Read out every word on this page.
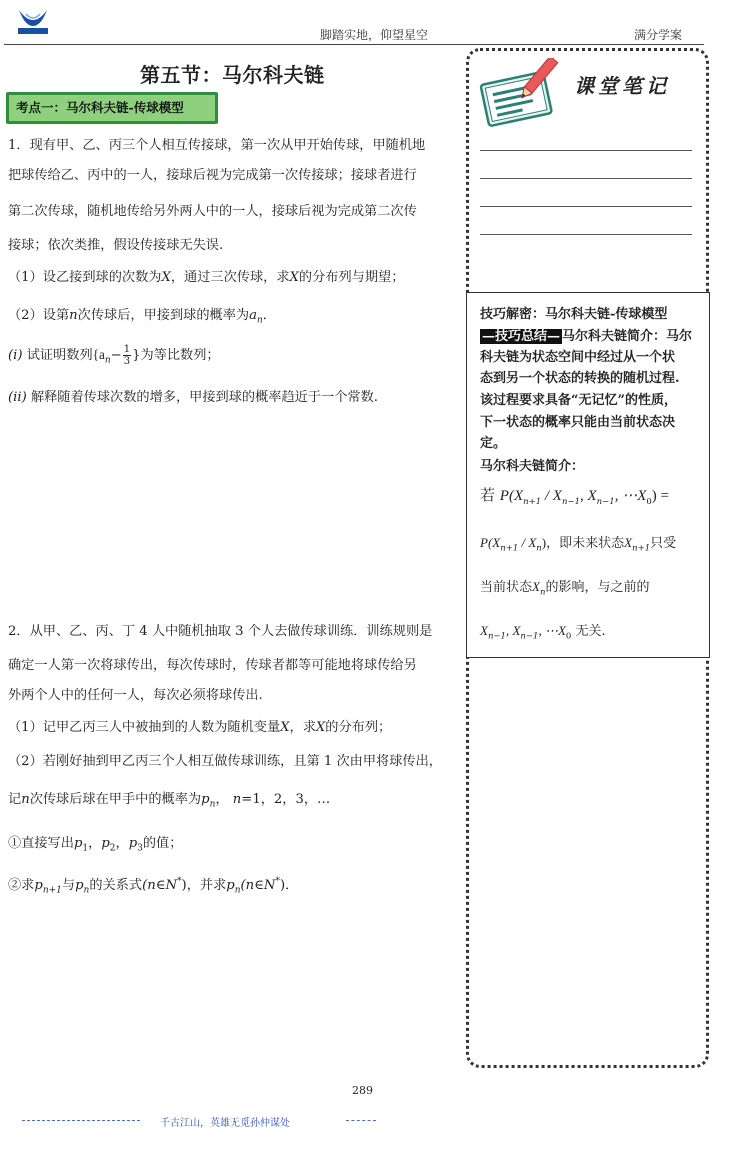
脚踏实地，仰望星空	满分学案
第五节：马尔科夫链
考点一：马尔科夫链-传球模型
1．现有甲、乙、丙三个人相互传接球，第一次从甲开始传球，甲随机地
把球传给乙、丙中的一人，接球后视为完成第一次传接球；接球者进行
第二次传球，随机地传给另外两人中的一人，接球后视为完成第二次传
接球；依次类推，假设传接球无失误.
（1）设乙接到球的次数为X，通过三次传球，求X的分布列与期望；
（2）设第n次传球后，甲接到球的概率为$a_n$．
(i) 试证明数列{$a_n- \frac{1}{3}$ }为等比数列；
(ii) 解释随着传球次数的增多，甲接到球的概率趋近于一个常数.
2．从甲、乙、丙、丁 4 人中随机抽取 3 个人去做传球训练．训练规则是
确定一人第一次将球传出，每次传球时，传球者都等可能地将球传给另
外两个人中的任何一人，每次必须将球传出.
（1）记甲乙丙三人中被抽到的人数为随机变量X，求X的分布列；
（2）若刚好抽到甲乙丙三个人相互做传球训练，且第 1 次由甲将球传出，
记n次传球后球在甲手中的概率为$p_n$， n=1，2，3，…
①直接写出$p_1$，$p_2$，$p_3$的值；
②求$p_{n+1}$与$p_n$的关系式(n∈N*)，并求$p_n(n\in N^*)$．
课堂笔记
技巧解密：马尔科夫链-传球模型
—技巧总结— 马尔科夫链简介：马尔
科夫链为状态空间中经过从一个状
态到另一个状态的转换的随机过程.
该过程要求具备“无记忆”的性质，
下一状态的概率只能由当前状态决
定。
马尔科夫链简介：
若 $P(X_{n+1} / X_{n-1}$, $X_{n-1}$, $\cdots X_0$) =
$P(X_{n+1} / X_n)$，即未来状态$X_{n+1}$只受
当前状态$X_n$的影响，与之前的
$X_{n-1}$, $X_{n-1}$, $\cdots X_0$ 无关.
289
千古江山，英雄无觅孙仲谋处
